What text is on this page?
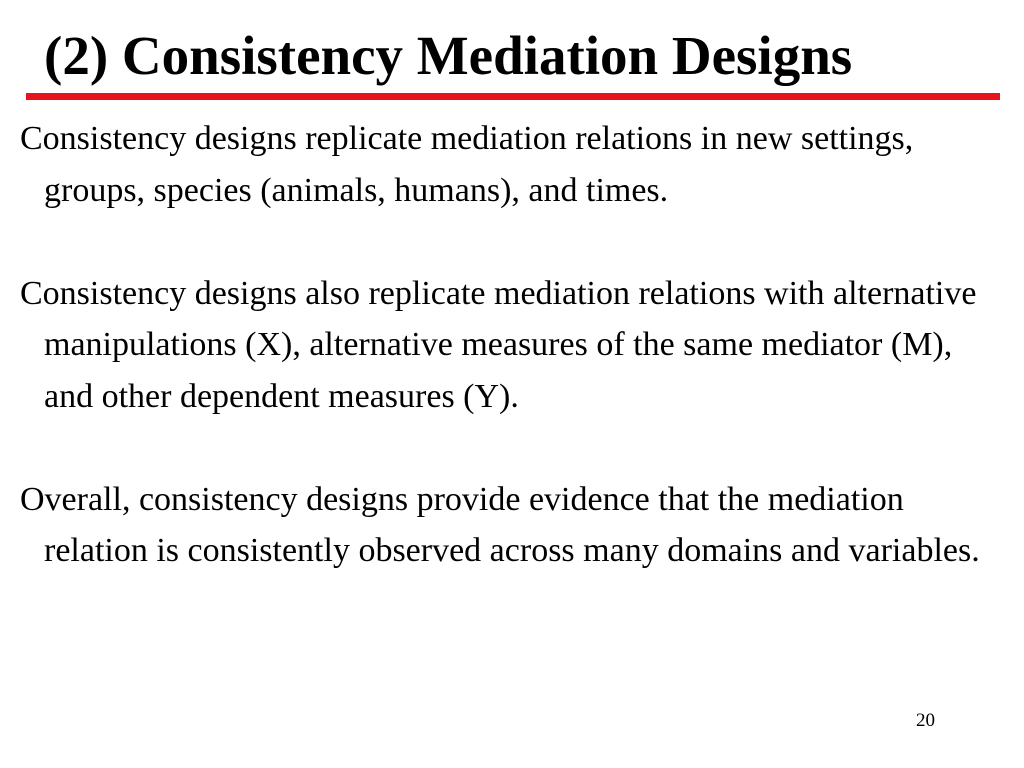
(2) Consistency Mediation Designs

Consistency designs replicate mediation relations in new settings, groups, species (animals, humans), and times.

Consistency designs also replicate mediation relations with alternative manipulations (X), alternative measures of the same mediator (M), and other dependent measures (Y).

Overall, consistency designs provide evidence that the mediation relation is consistently observed across many domains and variables.

20
